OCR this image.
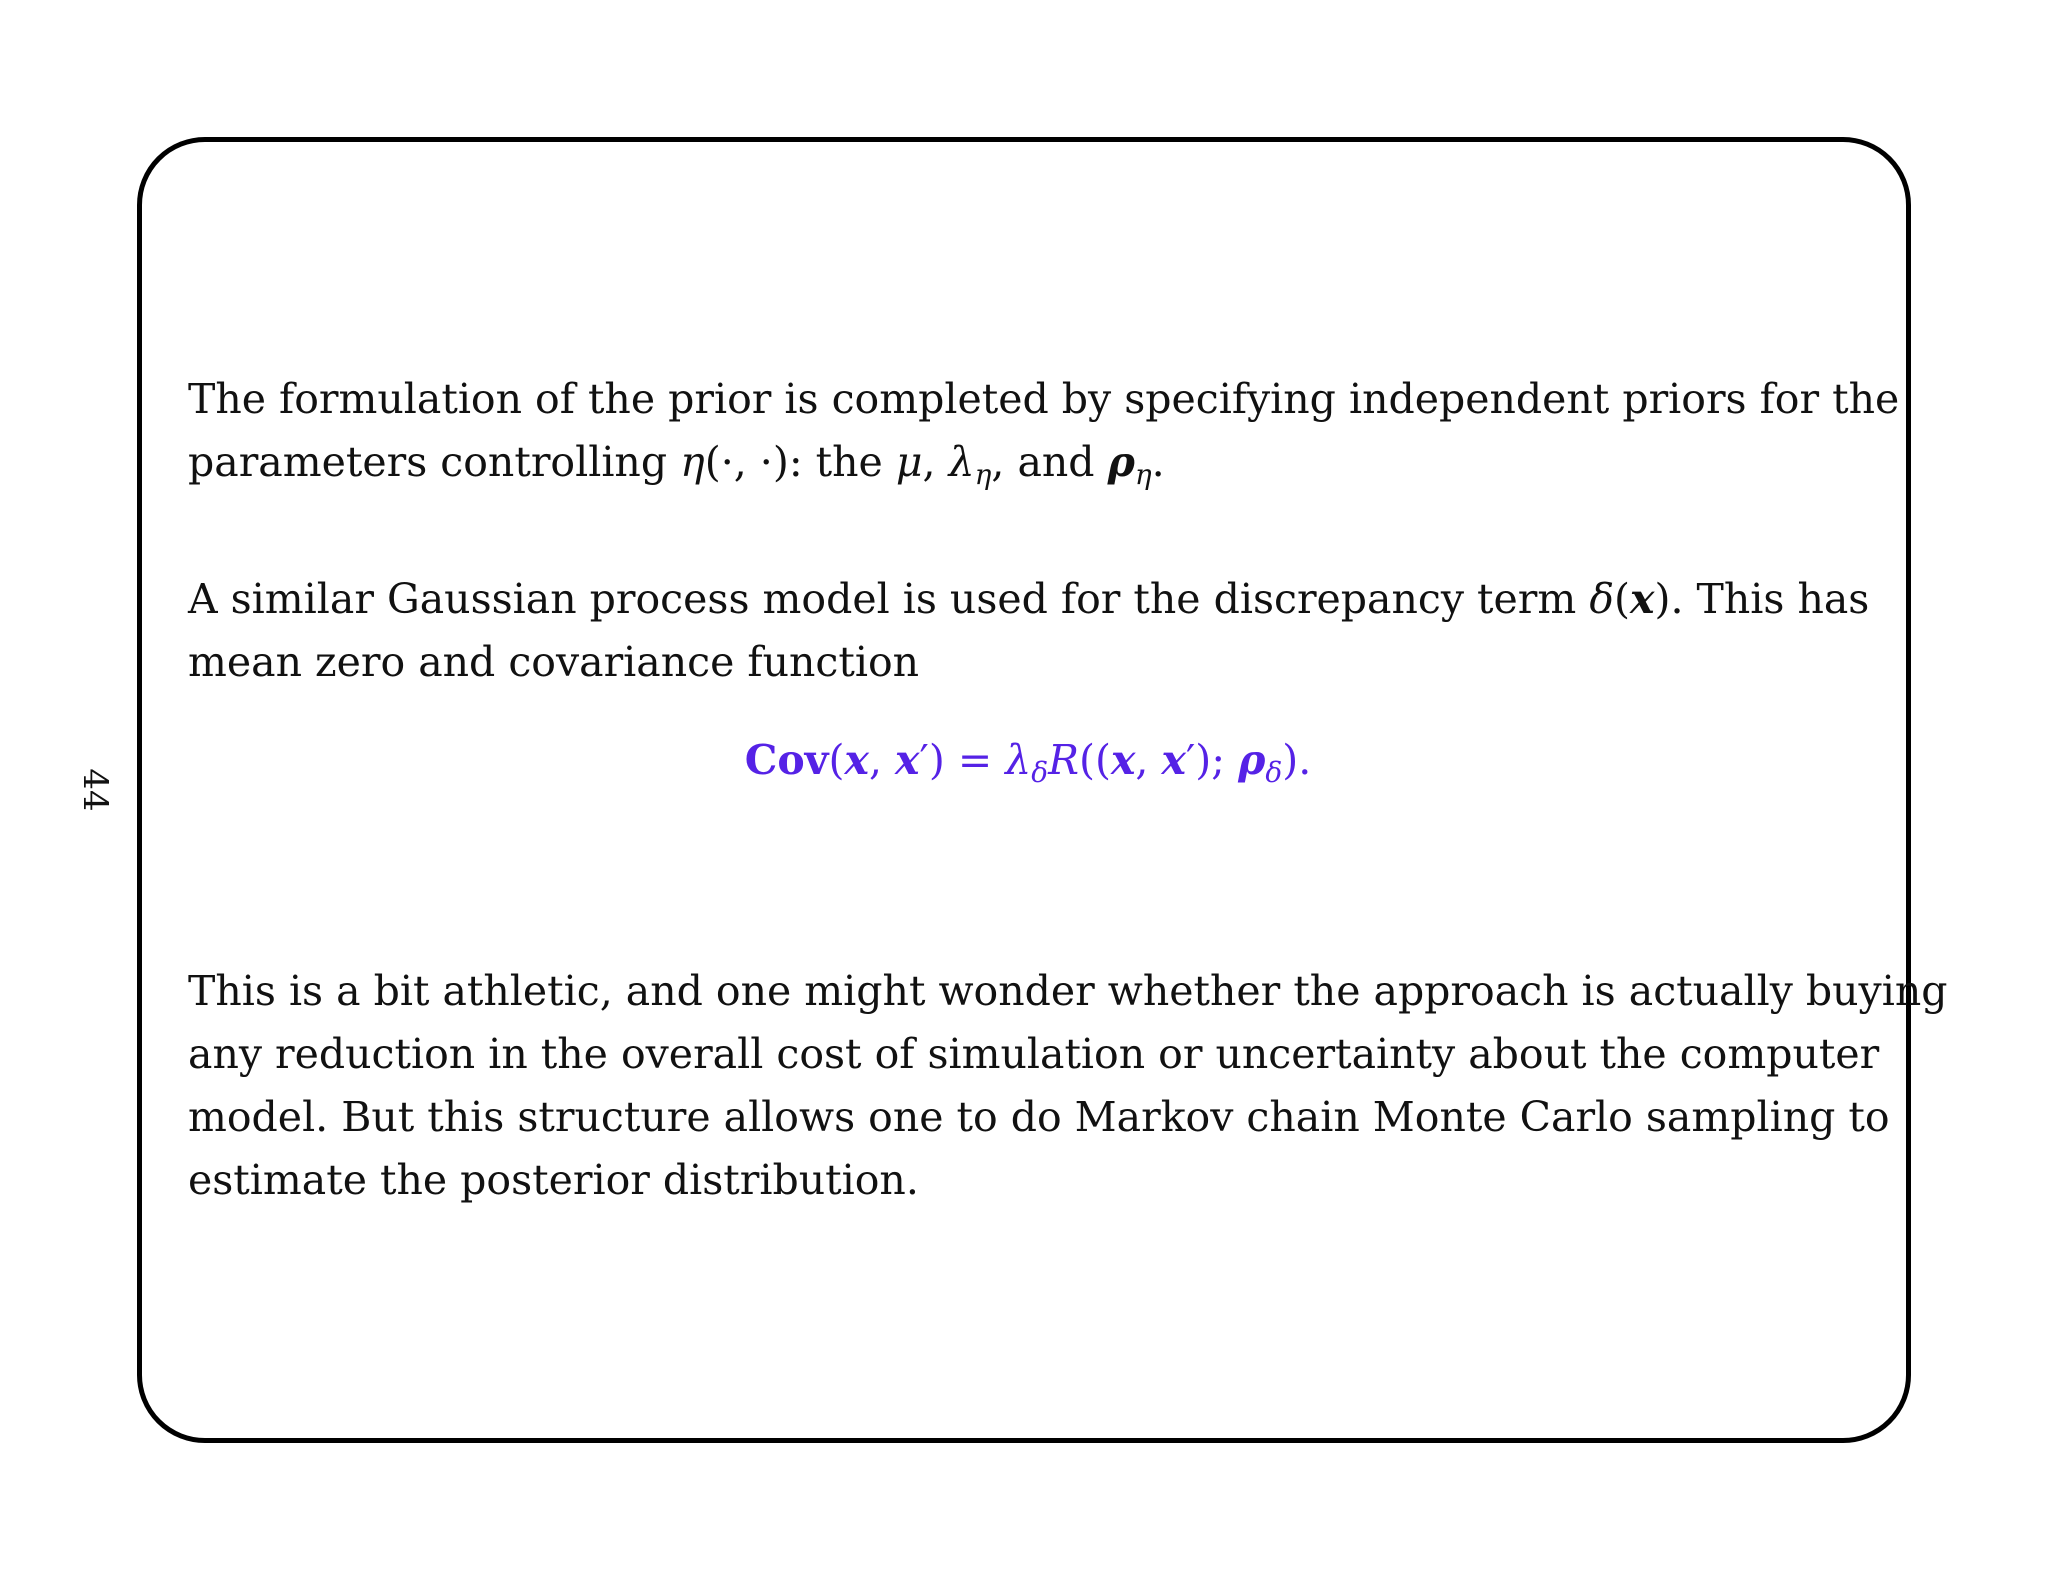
44
The formulation of the prior is completed by specifying independent priors for the
parameters controlling η(·, ·): the μ, $\lambda_\eta$, and $\rho_\eta$.
A similar Gaussian process model is used for the discrepancy term δ(x). This has
mean zero and covariance function
Cov(x, $x') = \lambda_\delta R((x$, x′); $\rho_\delta$).
This is a bit athletic, and one might wonder whether the approach is actually buying
any reduction in the overall cost of simulation or uncertainty about the computer
model. But this structure allows one to do Markov chain Monte Carlo sampling to
estimate the posterior distribution.
